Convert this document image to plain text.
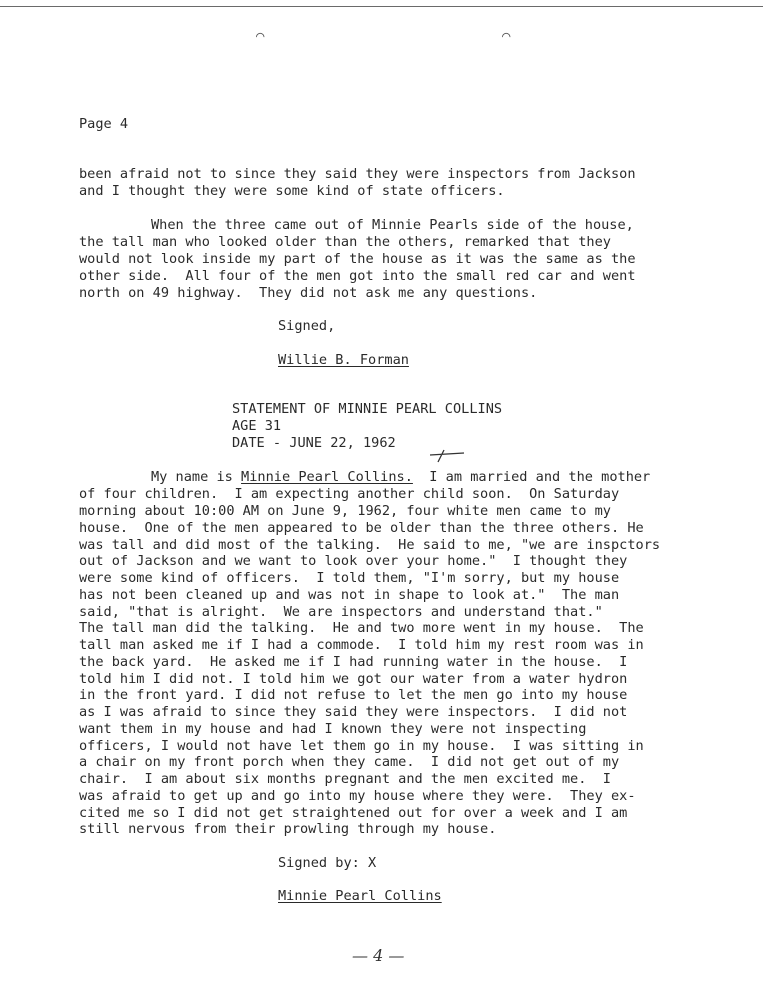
⌒	⌒
Page 4
been afraid not to since they said they were inspectors from Jackson
and I thought they were some kind of state officers.
When the three came out of Minnie Pearls side of the house,
the tall man who looked older than the others, remarked that they
would not look inside my part of the house as it was the same as the
other side.  All four of the men got into the small red car and went
north on 49 highway.  They did not ask me any questions.
Signed,
Willie B. Forman
STATEMENT OF MINNIE PEARL COLLINS
AGE 31
DATE - JUNE 22, 1962
My name is Minnie Pearl Collins.  I am married and the mother
of four children.  I am expecting another child soon.  On Saturday
morning about 10:00 AM on June 9, 1962, four white men came to my
house.  One of the men appeared to be older than the three others. He
was tall and did most of the talking.  He said to me, "we are inspctors
out of Jackson and we want to look over your home."  I thought they
were some kind of officers.  I told them, "I'm sorry, but my house
has not been cleaned up and was not in shape to look at."  The man
said, "that is alright.  We are inspectors and understand that."
The tall man did the talking.  He and two more went in my house.  The
tall man asked me if I had a commode.  I told him my rest room was in
the back yard.  He asked me if I had running water in the house.  I
told him I did not. I told him we got our water from a water hydron
in the front yard. I did not refuse to let the men go into my house
as I was afraid to since they said they were inspectors.  I did not
want them in my house and had I known they were not inspecting
officers, I would not have let them go in my house.  I was sitting in
a chair on my front porch when they came.  I did not get out of my
chair.  I am about six months pregnant and the men excited me.  I
was afraid to get up and go into my house where they were.  They ex-
cited me so I did not get straightened out for over a week and I am
still nervous from their prowling through my house.
Signed by: X
Minnie Pearl Collins
— 4 —
